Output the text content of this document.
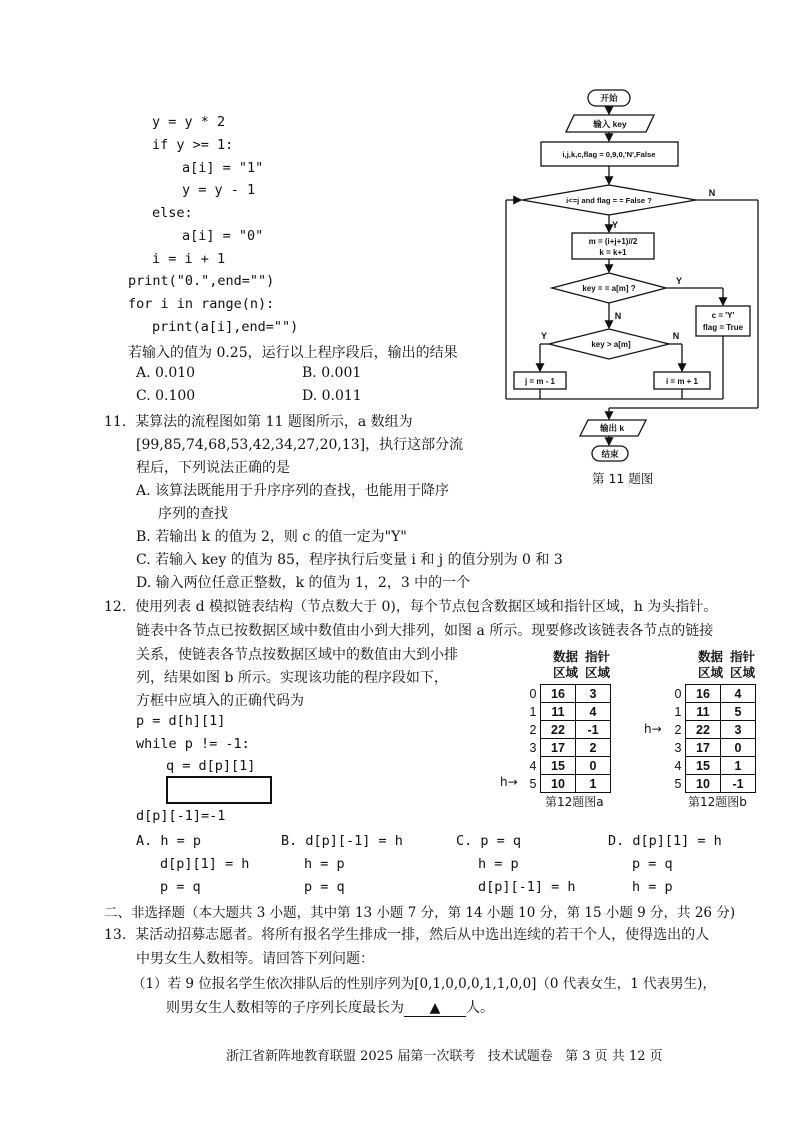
y = y * 2
if y >= 1:
a[i] = "1"
y = y - 1
else:
a[i] = "0"
i = i + 1
print("0.",end="")
for i in range(n):
print(a[i],end="")
若输入的值为 0.25，运行以上程序段后，输出的结果
A. 0.010	B. 0.001
C. 0.100	D. 0.011
开始
输入 key
i,j,k,c,flag = 0,9,0,'N',False
i<=j and flag = = False ?
m = (i+j+1)//2
k = k+1
key = = a[m] ?
key > a[m]
j = m - 1	i = m + 1
c = 'Y'
flag = True
输出 k
结束
N
Y
Y
N
Y	N
第 11 题图
11.  某算法的流程图如第 11 题图所示，a 数组为
[99,85,74,68,53,42,34,27,20,13]，执行这部分流
程后，下列说法正确的是
A. 该算法既能用于升序序列的查找，也能用于降序
序列的查找
B. 若输出 k 的值为 2，则 c 的值一定为"Y"
C. 若输入 key 的值为 85，程序执行后变量 i 和 j 的值分别为 0 和 3
D. 输入两位任意正整数，k 的值为 1，2，3 中的一个
12.  使用列表 d 模拟链表结构（节点数大于 0)，每个节点包含数据区域和指针区域，h 为头指针。
链表中各节点已按数据区域中数值由小到大排列，如图 a 所示。现要修改该链表各节点的链接
关系，使链表各节点按数据区域中的数值由大到小排
列，结果如图 b 所示。实现该功能的程序段如下，
方框中应填入的正确代码为
p = d[h][1]
while p != -1:
q = d[p][1]
d[p][-1]=-1
A. h = p
d[p][1] = h
p = q
B. d[p][-1] = h
h = p
p = q
C. p = q
h = p
d[p][-1] = h
D. d[p][1] = h
p = q
h = p
数据  指针
区域  区域
0	16	3
1	11	4
2	22	-1
3	17	2
4	15	0
5	10	1
h→
第12题图a
数据  指针
区域  区域
0	16	4
1	11	5
2	22	3
3	17	0
4	15	1
5	10	-1
h→
第12题图b
二、非选择题（本大题共 3 小题，其中第 13 小题 7 分，第 14 小题 10 分，第 15 小题 9 分，共 26 分)
13.  某活动招募志愿者。将所有报名学生排成一排，然后从中选出连续的若干个人，使得选出的人
中男女生人数相等。请回答下列问题：
（1）若 9 位报名学生依次排队后的性别序列为[0,1,0,0,0,1,1,0,0]（0 代表女生，1 代表男生)，
则男女生人数相等的子序列长度最长为 ▲ 人。
浙江省新阵地教育联盟 2025 届第一次联考   技术试题卷   第 3 页 共 12 页
